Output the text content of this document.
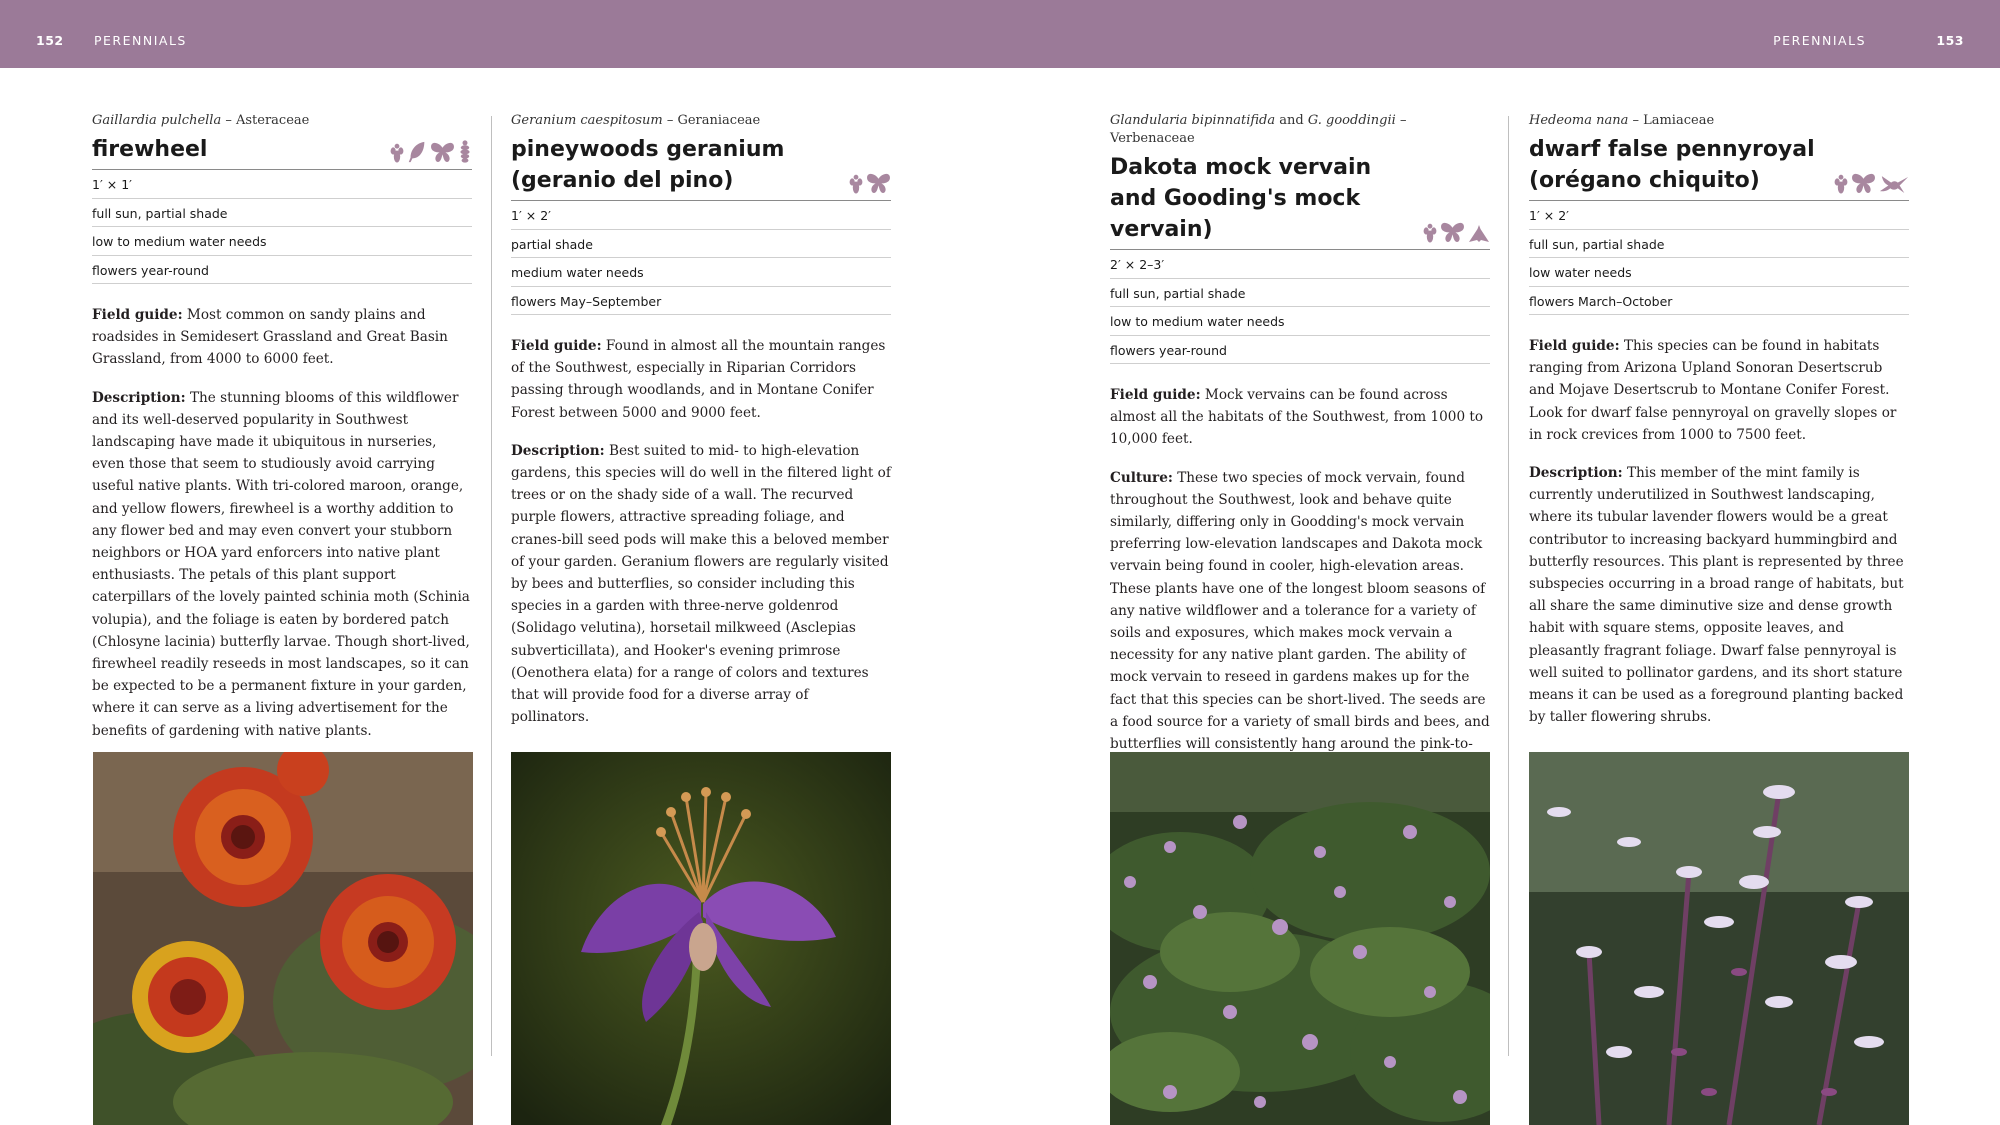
152 PERENNIALS	PERENNIALS	153
Gaillardia pulchella – Asteraceae
firewheel
1′ × 1′
full sun, partial shade
low to medium water needs
flowers year-round

Field guide: Most common on sandy plains and roadsides in Semidesert Grassland and Great Basin Grassland, from 4000 to 6000 feet.

Description: The stunning blooms of this wildflower and its well-deserved popularity in Southwest landscaping have made it ubiquitous in nurseries, even those that seem to studiously avoid carrying useful native plants. With tri-colored maroon, orange, and yellow flowers, firewheel is a worthy addition to any flower bed and may even convert your stubborn neighbors or HOA yard enforcers into native plant enthusiasts. The petals of this plant support caterpillars of the lovely painted schinia moth (Schinia volupia), and the foliage is eaten by bordered patch (Chlosyne lacinia) butterfly larvae. Though short-lived, firewheel readily reseeds in most landscapes, so it can be expected to be a permanent fixture in your garden, where it can serve as a living advertisement for the benefits of gardening with native plants.

Geranium caespitosum – Geraniaceae
pineywoods geranium (geranio del pino)
1′ × 2′
partial shade
medium water needs
flowers May–September

Field guide: Found in almost all the mountain ranges of the Southwest, especially in Riparian Corridors passing through woodlands, and in Montane Conifer Forest between 5000 and 9000 feet.

Description: Best suited to mid- to high-elevation gardens, this species will do well in the filtered light of trees or on the shady side of a wall. The recurved purple flowers, attractive spreading foliage, and cranes-bill seed pods will make this a beloved member of your garden. Geranium flowers are regularly visited by bees and butterflies, so consider including this species in a garden with three-nerve goldenrod (Solidago velutina), horsetail milkweed (Asclepias subverticillata), and Hooker's evening primrose (Oenothera elata) for a range of colors and textures that will provide food for a diverse array of pollinators.

Glandularia bipinnatifida and G. gooddingii – Verbenaceae
Dakota mock vervain and Gooding's mock vervain)
2′ × 2–3′
full sun, partial shade
low to medium water needs
flowers year-round

Field guide: Mock vervains can be found across almost all the habitats of the Southwest, from 1000 to 10,000 feet.

Culture: These two species of mock vervain, found throughout the Southwest, look and behave quite similarly, differing only in Goodding's mock vervain preferring low-elevation landscapes and Dakota mock vervain being found in cooler, high-elevation areas. These plants have one of the longest bloom seasons of any native wildflower and a tolerance for a variety of soils and exposures, which makes mock vervain a necessity for any native plant garden. The ability of mock vervain to reseed in gardens makes up for the fact that this species can be short-lived. The seeds are a food source for a variety of small birds and bees, and butterflies will consistently hang around the pink-to-

Hedeoma nana – Lamiaceae
dwarf false pennyroyal (orégano chiquito)
1′ × 2′
full sun, partial shade
low water needs
flowers March–October

Field guide: This species can be found in habitats ranging from Arizona Upland Sonoran Desertscrub and Mojave Desertscrub to Montane Conifer Forest. Look for dwarf false pennyroyal on gravelly slopes or in rock crevices from 1000 to 7500 feet.

Description: This member of the mint family is currently underutilized in Southwest landscaping, where its tubular lavender flowers would be a great contributor to increasing backyard hummingbird and butterfly resources. This plant is represented by three subspecies occurring in a broad range of habitats, but all share the same diminutive size and dense growth habit with square stems, opposite leaves, and pleasantly fragrant foliage. Dwarf false pennyroyal is well suited to pollinator gardens, and its short stature means it can be used as a foreground planting backed by taller flowering shrubs.
